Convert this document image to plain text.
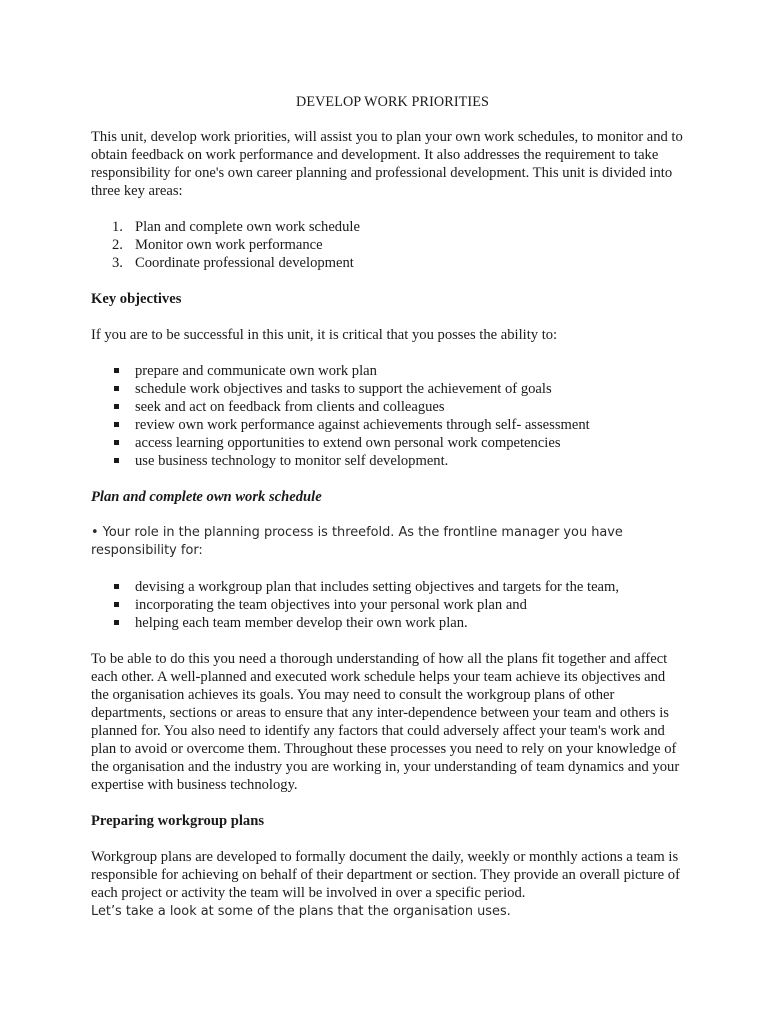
DEVELOP WORK PRIORITIES

This unit, develop work priorities, will assist you to plan your own work schedules, to monitor and to obtain feedback on work performance and development. It also addresses the requirement to take responsibility for one's own career planning and professional development. This unit is divided into three key areas:

1. Plan and complete own work schedule
2. Monitor own work performance
3. Coordinate professional development
Key objectives

If you are to be successful in this unit, it is critical that you posses the ability to:

prepare and communicate own work plan
schedule work objectives and tasks to support the achievement of goals
seek and act on feedback from clients and colleagues
review own work performance against achievements through self- assessment
access learning opportunities to extend own personal work competencies
use business technology to monitor self development.
Plan and complete own work schedule

• Your role in the planning process is threefold. As the frontline manager you have responsibility for:

devising a workgroup plan that includes setting objectives and targets for the team,
incorporating the team objectives into your personal work plan and
helping each team member develop their own work plan.

To be able to do this you need a thorough understanding of how all the plans fit together and affect each other. A well-planned and executed work schedule helps your team achieve its objectives and the organisation achieves its goals. You may need to consult the workgroup plans of other departments, sections or areas to ensure that any inter-dependence between your team and others is planned for. You also need to identify any factors that could adversely affect your team's work and plan to avoid or overcome them. Throughout these processes you need to rely on your knowledge of the organisation and the industry you are working in, your understanding of team dynamics and your expertise with business technology.

Preparing workgroup plans

Workgroup plans are developed to formally document the daily, weekly or monthly actions a team is responsible for achieving on behalf of their department or section. They provide an overall picture of each project or activity the team will be involved in over a specific period.
Let’s take a look at some of the plans that the organisation uses.
